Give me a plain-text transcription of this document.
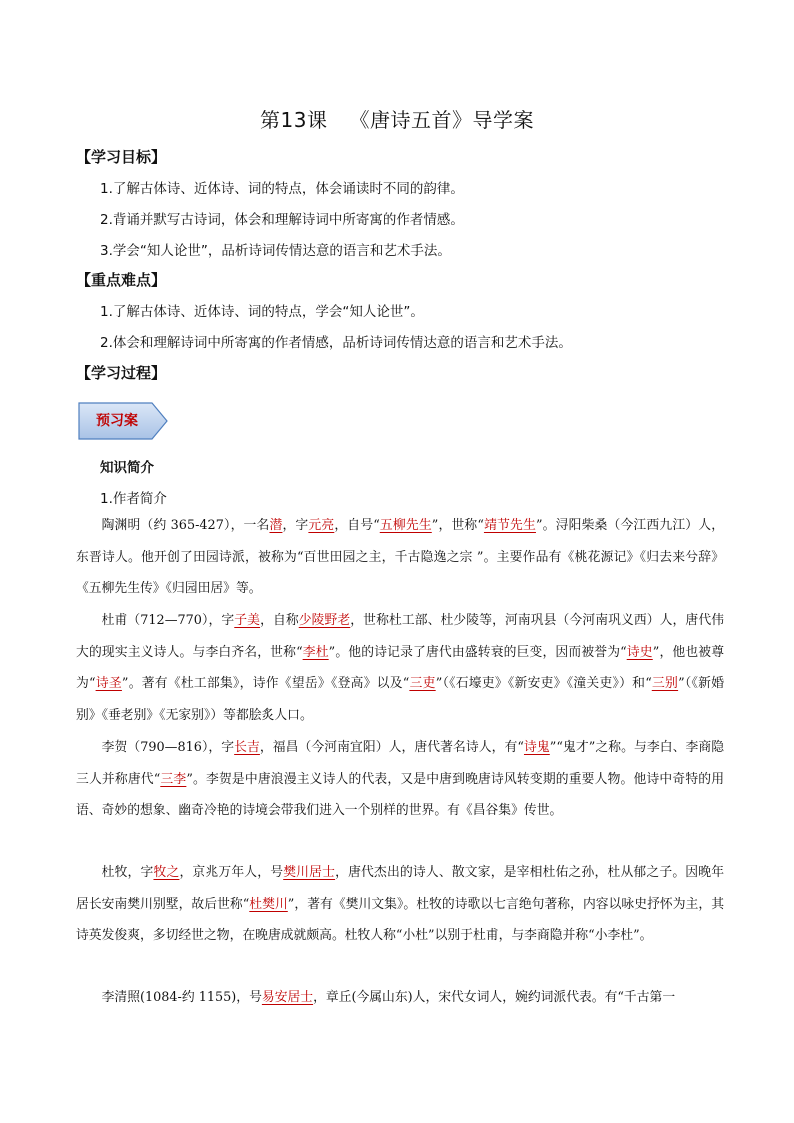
第13课 《唐诗五首》导学案
【学习目标】
1.了解古体诗、近体诗、词的特点，体会诵读时不同的韵律。
2.背诵并默写古诗词，体会和理解诗词中所寄寓的作者情感。
3.学会“知人论世”，品析诗词传情达意的语言和艺术手法。
【重点难点】
1.了解古体诗、近体诗、词的特点，学会“知人论世”。
2.体会和理解诗词中所寄寓的作者情感，品析诗词传情达意的语言和艺术手法。
【学习过程】
预习案
知识简介
1.作者简介

陶渊明（约 365-427），一名潜，字元亮，自号“五柳先生”，世称“靖节先生”。浔阳柴桑（今江西九江）人，东晋诗人。他开创了田园诗派，被称为“百世田园之主，千古隐逸之宗 ”。主要作品有《桃花源记》《归去来兮辞》《五柳先生传》《归园田居》等。

杜甫（712—770），字子美，自称少陵野老，世称杜工部、杜少陵等，河南巩县（今河南巩义西）人，唐代伟大的现实主义诗人。与李白齐名，世称“李杜”。他的诗记录了唐代由盛转衰的巨变，因而被誉为“诗史”，他也被尊为“诗圣”。著有《杜工部集》，诗作《望岳》《登高》以及“三吏”（《石壕吏》《新安吏》《潼关吏》）和“三别”（《新婚别》《垂老别》《无家别》）等都脍炙人口。

李贺（790—816），字长吉，福昌（今河南宜阳）人，唐代著名诗人，有“诗鬼”“鬼才”之称。与李白、李商隐三人并称唐代“三李”。李贺是中唐浪漫主义诗人的代表，又是中唐到晚唐诗风转变期的重要人物。他诗中奇特的用语、奇妙的想象、幽奇冷艳的诗境会带我们进入一个别样的世界。有《昌谷集》传世。

杜牧，字牧之，京兆万年人，号樊川居士，唐代杰出的诗人、散文家，是宰相杜佑之孙，杜从郁之子。因晚年居长安南樊川别墅，故后世称“杜樊川”，著有《樊川文集》。杜牧的诗歌以七言绝句著称，内容以咏史抒怀为主，其诗英发俊爽，多切经世之物，在晚唐成就颇高。杜牧人称“小杜”以别于杜甫，与李商隐并称“小李杜”。

李清照(1084-约 1155)，号易安居士，章丘(今属山东)人，宋代女词人，婉约词派代表。有“千古第一
